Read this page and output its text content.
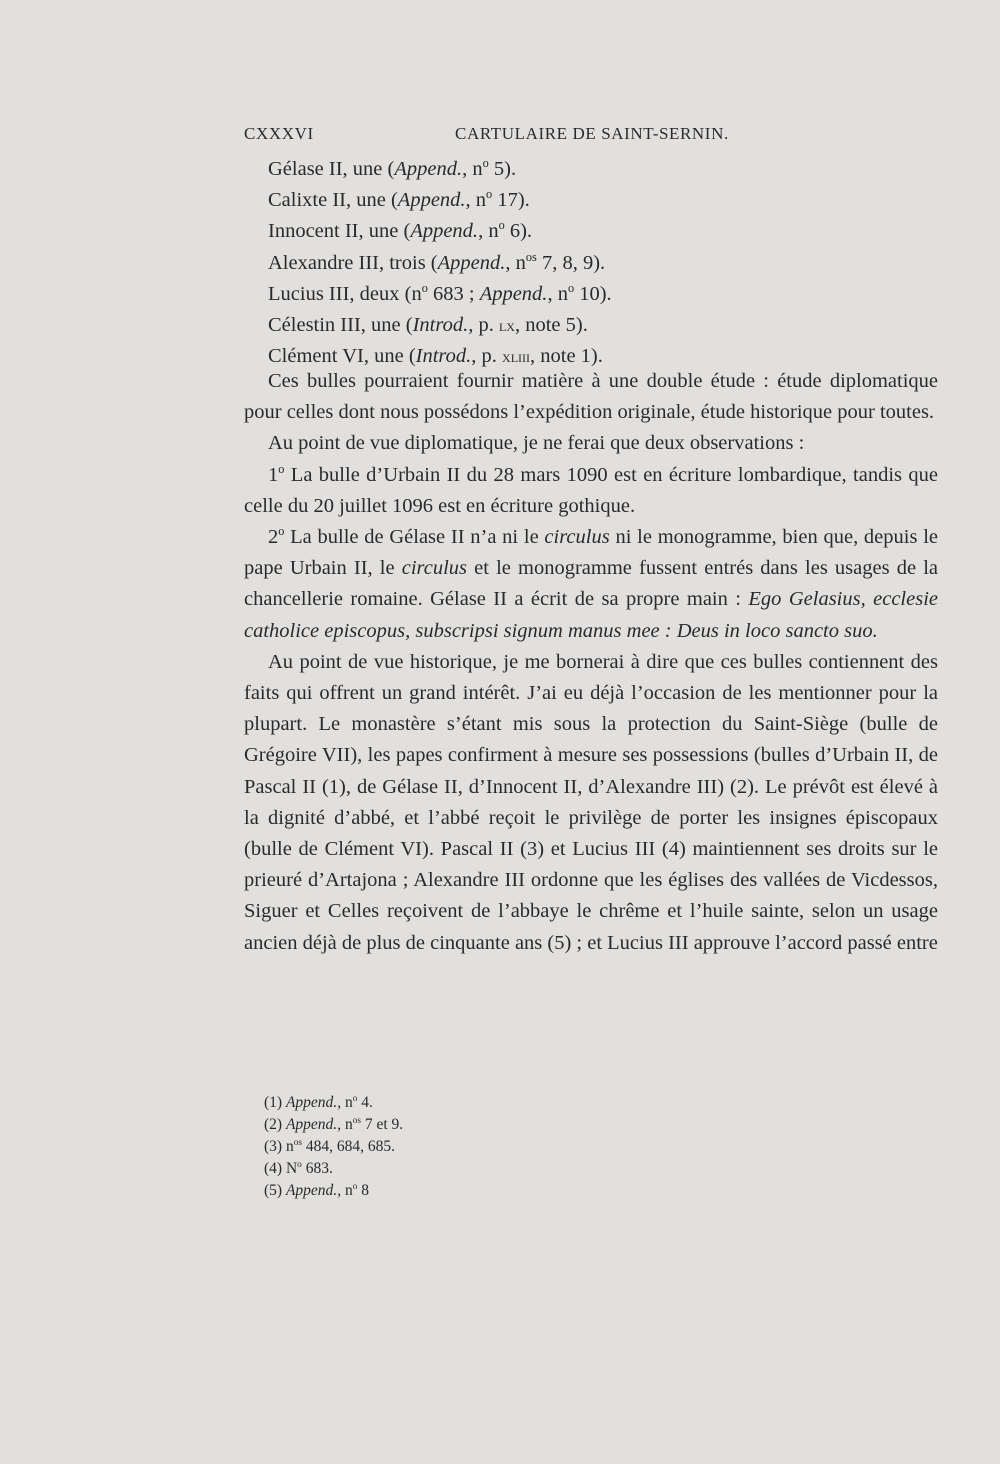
CXXXVI	CARTULAIRE DE SAINT-SERNIN.
Gélase II, une (Append., $n^o$ 5).
Calixte II, une (Append., $n^o$ 17).
Innocent II, une (Append., $n^o$ 6).
Alexandre III, trois (Append., $n^{os}$ 7, 8, 9).
Lucius III, deux ($n^o$ 683 ; Append., $n^o$ 10).
Célestin III, une (Introd., p. lx, note 5).
Clément VI, une (Introd., p. xliii, note 1).

Ces bulles pourraient fournir matière à une double étude : étude diplomatique pour celles dont nous possédons l’expédition originale, étude historique pour toutes.

Au point de vue diplomatique, je ne ferai que deux observations :

1$^o$ La bulle d’Urbain II du 28 mars 1090 est en écriture lombardique, tandis que celle du 20 juillet 1096 est en écriture gothique.

2$^o$ La bulle de Gélase II n’a ni le circulus ni le monogramme, bien que, depuis le pape Urbain II, le circulus et le monogramme fussent entrés dans les usages de la chancellerie romaine. Gélase II a écrit de sa propre main : Ego Gelasius, ecclesie catholice episcopus, subscripsi signum manus mee : Deus in loco sancto suo.

Au point de vue historique, je me bornerai à dire que ces bulles contiennent des faits qui offrent un grand intérêt. J’ai eu déjà l’occasion de les mentionner pour la plupart. Le monastère s’étant mis sous la protection du Saint-Siège (bulle de Grégoire VII), les papes confirment à mesure ses possessions (bulles d’Urbain II, de Pascal II (1), de Gélase II, d’Innocent II, d’Alexandre III) (2). Le prévôt est élevé à la dignité d’abbé, et l’abbé reçoit le privilège de porter les insignes épiscopaux (bulle de Clément VI). Pascal II (3) et Lucius III (4) maintiennent ses droits sur le prieuré d’Artajona ; Alexandre III ordonne que les églises des vallées de Vicdessos, Siguer et Celles reçoivent de l’abbaye le chrême et l’huile sainte, selon un usage ancien déjà de plus de cinquante ans (5) ; et Lucius III approuve l’accord passé entre

(1) Append., $n^o$ 4.
(2) Append., $n^{os}$ 7 et 9.
(3) $n^{os}$ 484, 684, 685.
(4) $N^o$ 683.
(5) Append., $n^o$ 8
